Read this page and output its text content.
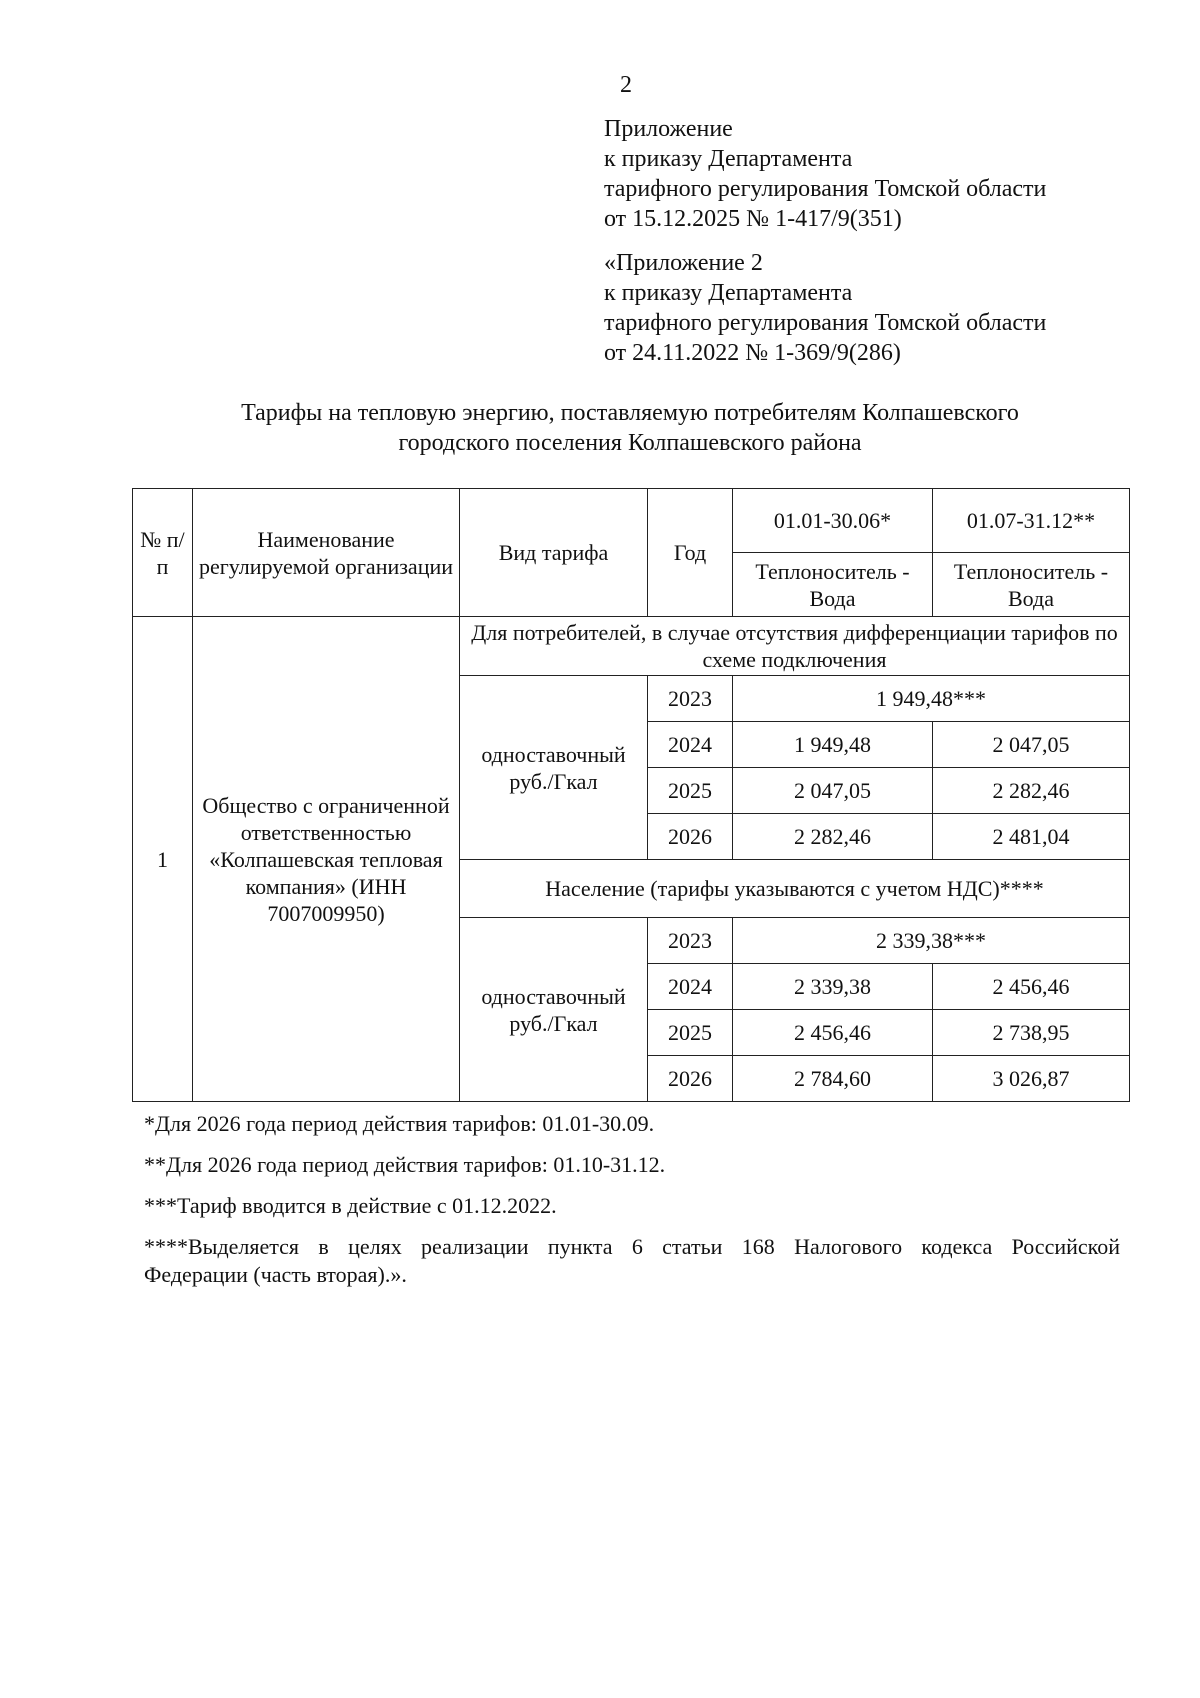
2
Приложение
к приказу Департамента
тарифного регулирования Томской области
от 15.12.2025 № 1-417/9(351)
«Приложение 2
к приказу Департамента
тарифного регулирования Томской области
от 24.11.2022 № 1-369/9(286)
Тарифы на тепловую энергию, поставляемую потребителям Колпашевского
городского поселения Колпашевского района
№ п/п	Наименование регулируемой организации	Вид тарифа	Год	01.01-30.06*	01.07-31.12**
				Теплоноситель - Вода	Теплоноситель - Вода
1	Общество с ограниченной ответственностью «Колпашевская тепловая компания» (ИНН 7007009950)	Для потребителей, в случае отсутствия дифференциации тарифов по схеме подключения			
		одноставочный руб./Гкал	2023	1 949,48***	
			2024	1 949,48	2 047,05
			2025	2 047,05	2 282,46
			2026	2 282,46	2 481,04
		Население (тарифы указываются с учетом НДС)****			
		одноставочный руб./Гкал	2023	2 339,38***	
			2024	2 339,38	2 456,46
			2025	2 456,46	2 738,95
			2026	2 784,60	3 026,87

*Для 2026 года период действия тарифов: 01.01-30.09.

**Для 2026 года период действия тарифов: 01.10-31.12.

***Тариф вводится в действие с 01.12.2022.

****Выделяется в целях реализации пункта 6 статьи 168 Налогового кодекса Российской

Федерации (часть вторая).».
